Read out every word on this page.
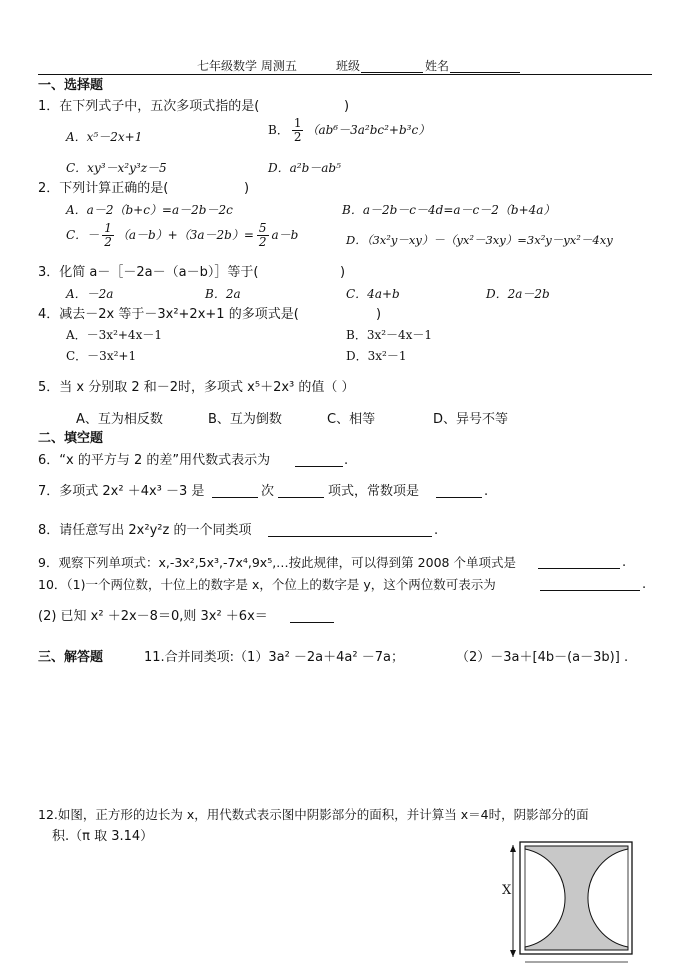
七年级数学 周测五	班级	姓名
一、选择题
1．在下列式子中，五次多项式指的是(	)
A．x⁵－2x+1
B． $\frac{1}{2} (ab^6-3a^2bc^2+b^3c)$
C．xy³－x²y³z－5	D．a²b－ab⁵
2．下列计算正确的是(	)
A．a－2（b+c）=a－2b－2c	B．a－2b－c－4d=a－c－2（b+4a）
C．－ $\frac{1}{2} (a-b)+(3a-2b)= \frac{5}{2} a-b$	D．（3x²y－xy）－（yx²－3xy）=3x²y－yx²－4xy
3．化简 a－［－2a－（a－b）］等于(	)
A．－2a	B．2a	C．4a+b	D．2a－2b
4．减去－2x 等于－3x²+2x+1 的多项式是(	)
A．－3x²+4x－1	B．3x²－4x－1
C．－3x²+1	D．3x²－1
5．当 x 分别取 2 和－2时，多项式 x⁵＋2x³ 的值（ ）
A、互为相反数	B、互为倒数	C、相等	D、异号不等
二、填空题
6．“x 的平方与 2 的差”用代数式表示为	.
7．多项式 2x² ＋4x³ －3 是	次	项式，常数项是	.
8．请任意写出 2x²y²z 的一个同类项	.
9．观察下列单项式：x,-3x²,5x³,-7x⁴,9x⁵,…按此规律，可以得到第 2008 个单项式是	.
10．（1)一个两位数，十位上的数字是 x，个位上的数字是 y，这个两位数可表示为	.
(2) 已知 x² ＋2x－8＝0,则 3x² ＋6x＝
三、解答题	11.合并同类项:（1）3a² －2a＋4a² －7a；	（2）－3a＋[4b－(a－3b)] .
12.如图，正方形的边长为 x，用代数式表示图中阴影部分的面积，并计算当 x＝4时，阴影部分的面
积.（π 取 3.14）
X
